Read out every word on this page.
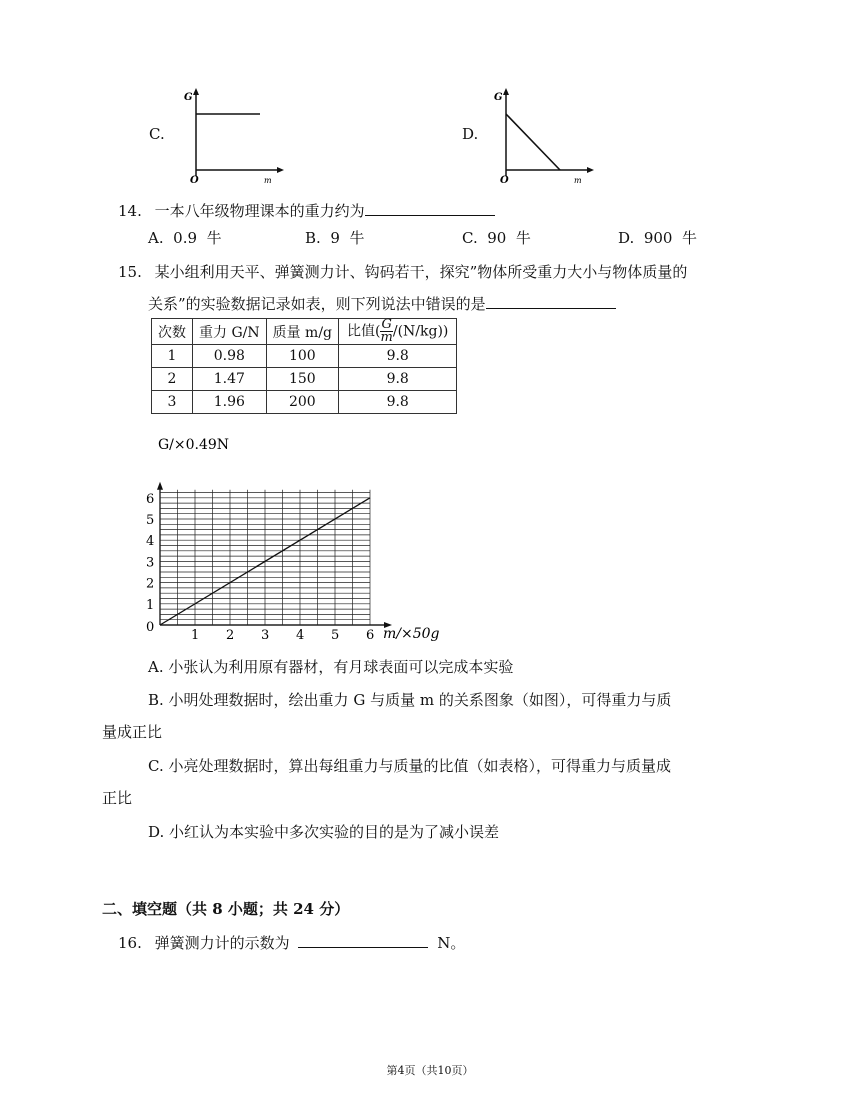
C.
G
O	m
D.
G
O	m
14. 一本八年级物理课本的重力约为
A. 0.9 牛	B. 9 牛	C. 90 牛	D. 900 牛
15. 某小组利用天平、弹簧测力计、钩码若干，探究”物体所受重力大小与物体质量的
关系”的实验数据记录如表，则下列说法中错误的是
次数	重力 G/N	质量 m/g	比值( $\frac{G}{m} /(N/kg)$)
1	0.98	100	9.8
2	1.47	150	9.8
3	1.96	200	9.8
1 2 3 4 5 6
1
2
3
4
5
6
G/×0.49N
m/×50g
0
A. 小张认为利用原有器材，有月球表面可以完成本实验
B. 小明处理数据时，绘出重力 G 与质量 m 的关系图象（如图），可得重力与质
量成正比
C. 小亮处理数据时，算出每组重力与质量的比值（如表格），可得重力与质量成
正比
D. 小红认为本实验中多次实验的目的是为了减小误差
二、填空题（共 8 小题；共 24 分）
16. 弹簧测力计的示数为	N。
第4页（共10页）
